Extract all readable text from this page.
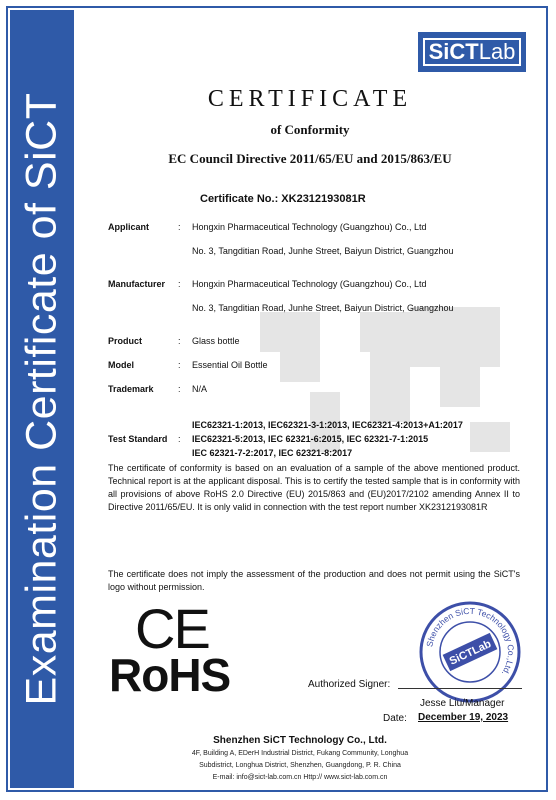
Examination Certificate of SiCT
SiCT Lab
CERTIFICATE
of Conformity
EC Council Directive 2011/65/EU and 2015/863/EU
Certificate No.: XK2312193081R
Applicant	: Hongxin Pharmaceutical Technology (Guangzhou) Co., Ltd
No. 3, Tangditian Road, Junhe Street, Baiyun District, Guangzhou
Manufacturer : Hongxin Pharmaceutical Technology (Guangzhou) Co., Ltd
No. 3, Tangditian Road, Junhe Street, Baiyun District, Guangzhou
Product	: Glass bottle
Model	: Essential Oil Bottle
Trademark	: N/A
IEC62321-1:2013, IEC62321-3-1:2013, IEC62321-4:2013+A1:2017
Test Standard : IEC62321-5:2013, IEC 62321-6:2015, IEC 62321-7-1:2015
IEC 62321-7-2:2017, IEC 62321-8:2017
The certificate of conformity is based on an evaluation of a sample of the above mentioned product. Technical report is at the applicant disposal. This is to certify the tested sample that is in conformity with all provisions of above RoHS 2.0 Directive (EU) 2015/863 and (EU)2017/2102 amending Annex II to Directive 2011/65/EU. It is only valid in connection with the test report number XK2312193081R
The certificate does not imply the assessment of the production and does not permit using the SiCT's logo without permission.
CE
RoHS
Shenzhen SiCT Technology Co.,Ltd.
SiCTLab
Authorized Signer:
Jesse Liu/Manager
Date: December 19, 2023
Shenzhen SiCT Technology Co., Ltd.
4F, Building A, EDerH Industrial District, Fukang Community, Longhua
Subdistrict, Longhua District, Shenzhen, Guangdong, P. R. China
E-mail: info@sict-lab.com.cn Http:// www.sict-lab.com.cn
